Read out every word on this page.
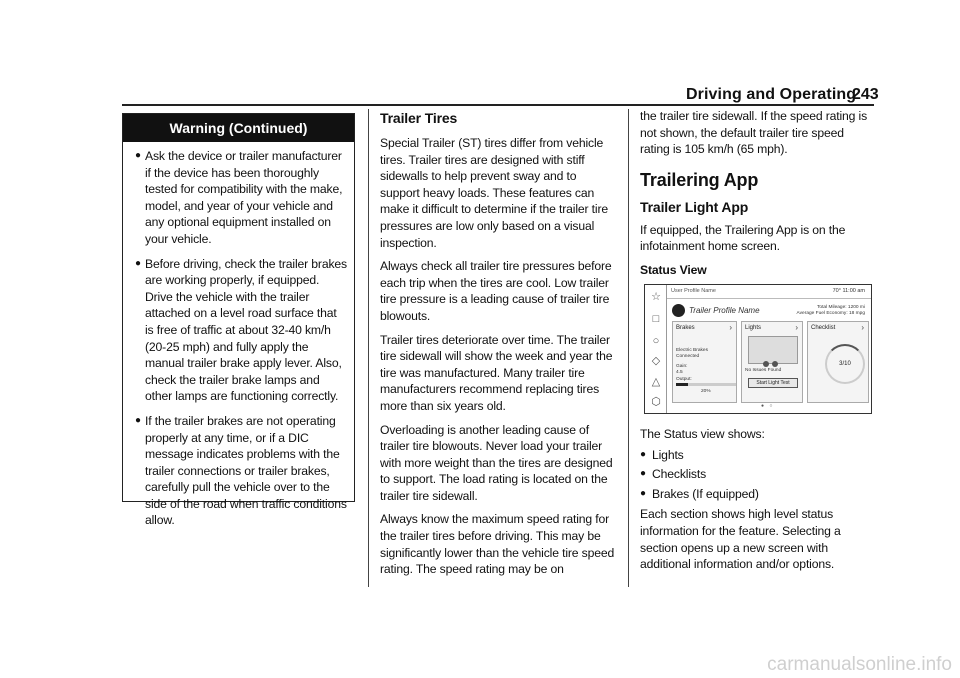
Driving and Operating
243
Warning (Continued)
● Ask the device or trailer manufacturer if the device has been thoroughly tested for compatibility with the make, model, and year of your vehicle and any optional equipment installed on your vehicle.
● Before driving, check the trailer brakes are working properly, if equipped. Drive the vehicle with the trailer attached on a level road surface that is free of traffic at about 32-40 km/h (20-25 mph) and fully apply the manual trailer brake apply lever. Also, check the trailer brake lamps and other lamps are functioning correctly.
● If the trailer brakes are not operating properly at any time, or if a DIC message indicates problems with the trailer connections or trailer brakes, carefully pull the vehicle over to the side of the road when traffic conditions allow.
Trailer Tires

Special Trailer (ST) tires differ from vehicle tires. Trailer tires are designed with stiff sidewalls to help prevent sway and to support heavy loads. These features can make it difficult to determine if the trailer tire pressures are low only based on a visual inspection.

Always check all trailer tire pressures before each trip when the tires are cool. Low trailer tire pressure is a leading cause of trailer tire blowouts.

Trailer tires deteriorate over time. The trailer tire sidewall will show the week and year the tire was manufactured. Many trailer tire manufacturers recommend replacing tires more than six years old.

Overloading is another leading cause of trailer tire blowouts. Never load your trailer with more weight than the tires are designed to support. The load rating is located on the trailer tire sidewall.

Always know the maximum speed rating for the trailer tires before driving. This may be significantly lower than the vehicle tire speed rating. The speed rating may be on

the trailer tire sidewall. If the speed rating is not shown, the default trailer tire speed rating is 105 km/h (65 mph).

Trailering App
Trailer Light App

If equipped, the Trailering App is on the infotainment home screen.

Status View

The Status view shows:

● Lights
● Checklists
● Brakes (If equipped)

Each section shows high level status information for the feature. Selecting a section opens up a new screen with additional information and/or options.

☆
□
○
◇
△
⬡
User Profile Name	70° 11:00 am
Trailer Profile Name	Total Mileage: 1200 mi
Average Fuel Economy: 18 mpg
Brakes	›
Electric Brakes
Connected
Gain:
4.5
Output:
20%
Lights	›
No Issues Found
Start Light Test
Checklist	›
3/10
● ○
carmanualsonline.info
